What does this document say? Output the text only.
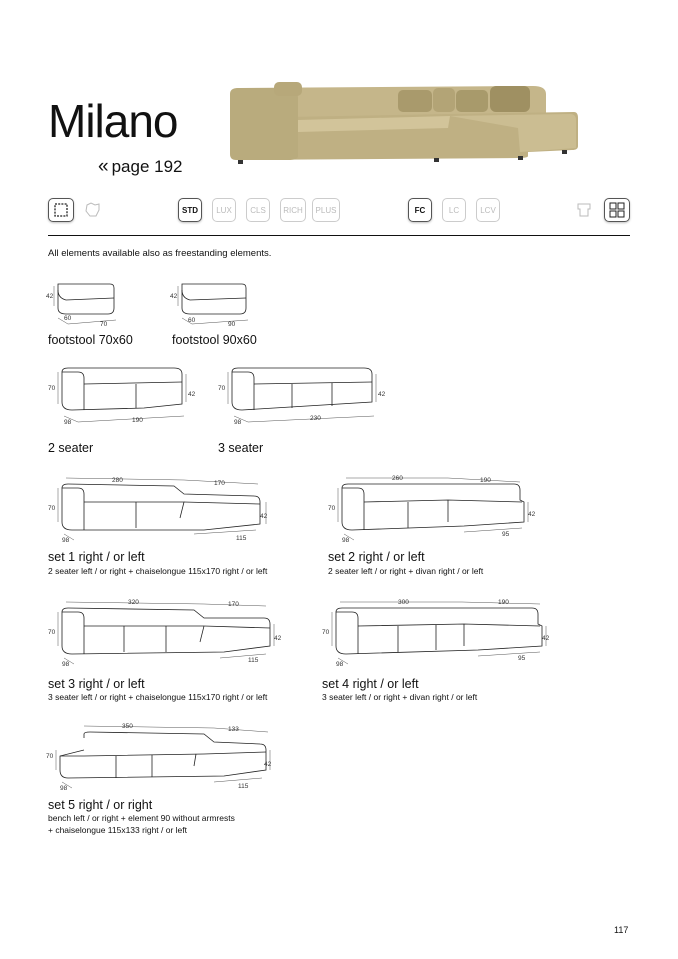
Milano
« page 192
STD	LUX	CLS	RICH	PLUS	FC	LC	LCV
All elements available also as freestanding elements.
42
60
70
footstool 70x60
42
60
90
footstool 90x60
70
98	190
42
2 seater
70
98
230
42
3 seater
280	170
70
42
98	115
set 1 right / or left
2 seater left / or right + chaiselongue 115x170 right / or left
260	190
70
42
98
95
set 2 right / or left
2 seater left / or right + divan right / or left
320	170
70
42
98
115
set 3 right / or left
3 seater left / or right + chaiselongue 115x170 right / or left
300	190
70
42
98
95
set 4 right / or left
3 seater left / or right + divan right / or left
350	133
70
42
98	115
set 5 right / or right
bench left / or right + element 90 without armrests
+ chaiselongue 115x133 right / or left
117
